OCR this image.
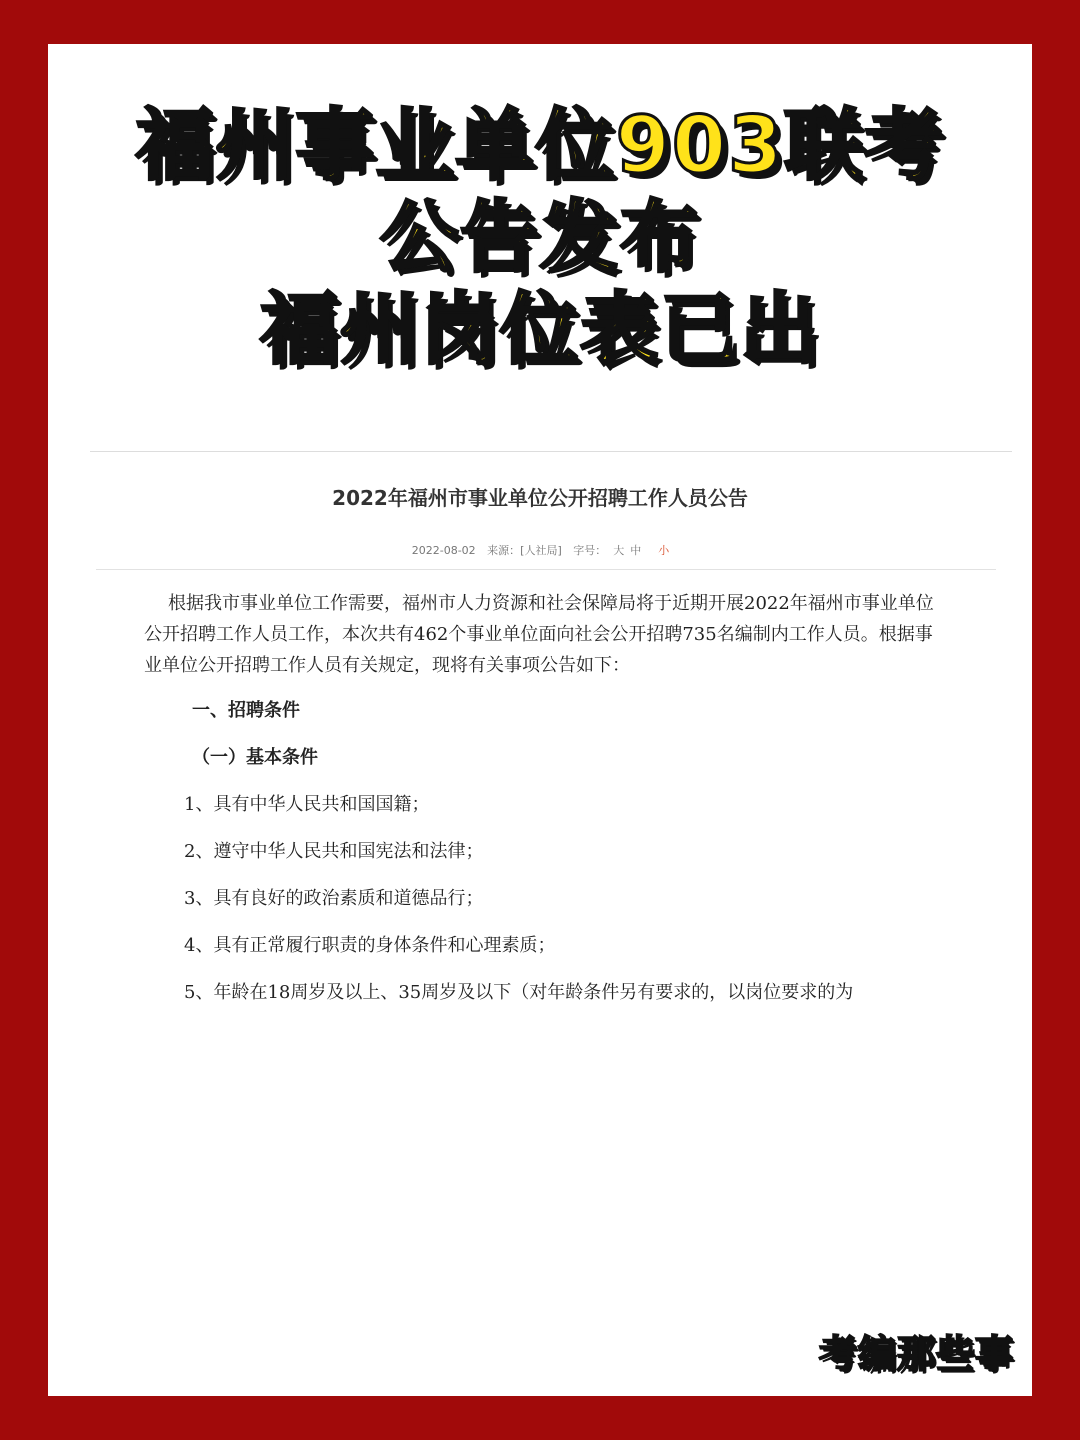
福州事业单位903联考
公告发布
福州岗位表已出
2022年福州市事业单位公开招聘工作人员公告
2022-08-02 来源：[人社局] 字号： 大 中 小

根据我市事业单位工作需要，福州市人力资源和社会保障局将于近期开展2022年福州市事业单位公开招聘工作人员工作，本次共有462个事业单位面向社会公开招聘735名编制内工作人员。根据事业单位公开招聘工作人员有关规定，现将有关事项公告如下：

一、招聘条件
（一）基本条件
1、具有中华人民共和国国籍；
2、遵守中华人民共和国宪法和法律；
3、具有良好的政治素质和道德品行；
4、具有正常履行职责的身体条件和心理素质；
5、年龄在18周岁及以上、35周岁及以下（对年龄条件另有要求的，以岗位要求的为
考编那些事
